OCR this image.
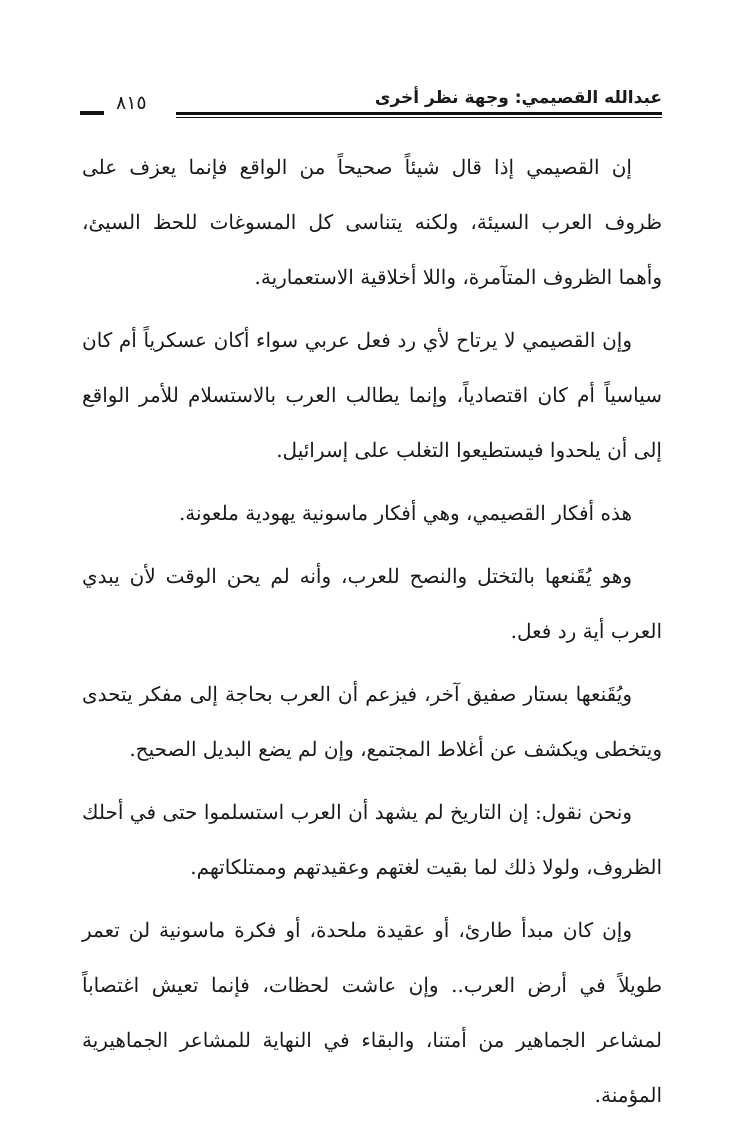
عبدالله القصيمي: وجهة نظر أخرى
٨١٥

إن القصيمي إذا قال شيئاً صحيحاً من الواقع فإنما يعزف على ظروف العرب السيئة، ولكنه يتناسى كل المسوغات للحظ السيئ، وأهما الظروف المتآمرة، واللا أخلاقية الاستعمارية.

وإن القصيمي لا يرتاح لأي رد فعل عربي سواء أكان عسكرياً أم كان سياسياً أم كان اقتصادياً، وإنما يطالب العرب بالاستسلام للأمر الواقع إلى أن يلحدوا فيستطيعوا التغلب على إسرائيل.

هذه أفكار القصيمي، وهي أفكار ماسونية يهودية ملعونة.

وهو يُقَنعها بالتختل والنصح للعرب، وأنه لم يحن الوقت لأن يبدي العرب أية رد فعل.

ويُقَنعها بستار صفيق آخر، فيزعم أن العرب بحاجة إلى مفكر يتحدى ويتخطى ويكشف عن أغلاط المجتمع، وإن لم يضع البديل الصحيح.

ونحن نقول: إن التاريخ لم يشهد أن العرب استسلموا حتى في أحلك الظروف، ولولا ذلك لما بقيت لغتهم وعقيدتهم وممتلكاتهم.

وإن كان مبدأ طارئ، أو عقيدة ملحدة، أو فكرة ماسونية لن تعمر طويلاً في أرض العرب.. وإن عاشت لحظات، فإنما تعيش اغتصاباً لمشاعر الجماهير من أمتنا، والبقاء في النهاية للمشاعر الجماهيرية المؤمنة.
